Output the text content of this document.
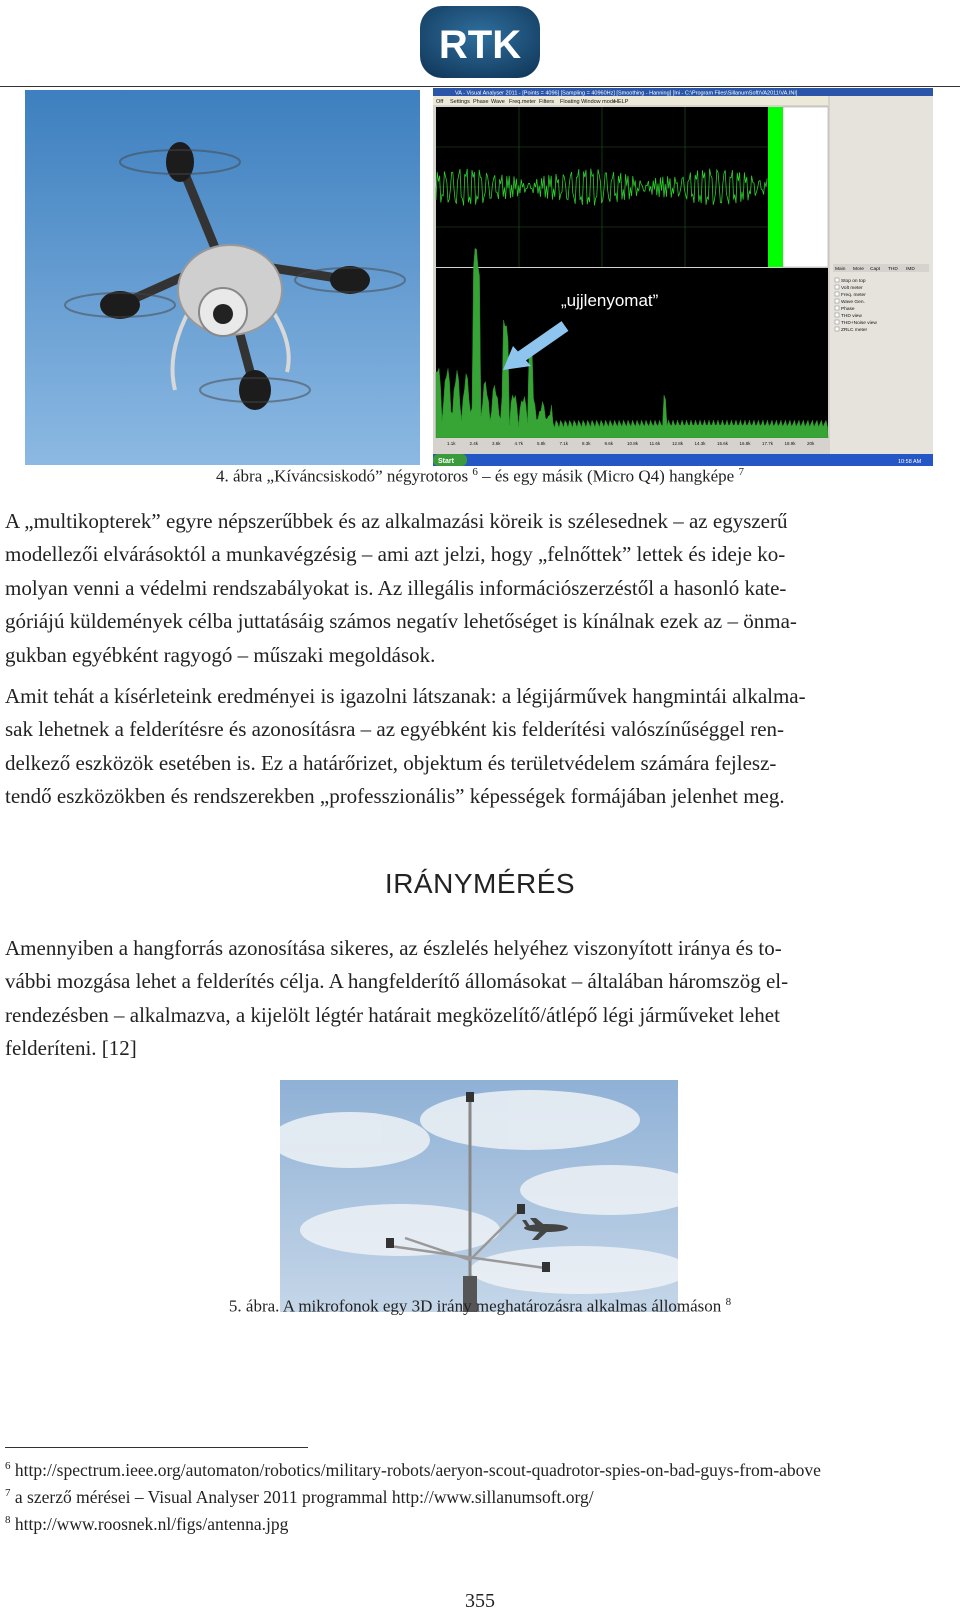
RTK
VA - Visual Analyser 2011 - [Points = 4096] [Sampling = 40960Hz] [Smoothing - Hanning] [Ini - C:\Program Files\SillanumSoft\VA2011\VA.INI]
Off Settings Phase Wave Freq.meter Filters Floating Window mode
HELP
„ujjlenyomat”
1.1k	2.4k	3.6k	4.7k	5.8k	7.1k	8.3k	9.6k	10.8k	11.6k	12.8k	14.3k	15.6k	16.8k	17.7k	18.9k	20k
Main More Capt THD IMD
Stop on top
Volt meter
Freq. meter
Wave Gen.
Phase
THD view
THD+Noise view
ZRLC meter
Start	10:58 AM
4. ábra „Kíváncsiskodó” négyrotoros $^6$ – és egy másik (Micro Q4) hangképe $^7$
A „multikopterek” egyre népszerűbbek és az alkalmazási köreik is szélesednek – az egyszerű
modellezői elvárásoktól a munkavégzésig – ami azt jelzi, hogy „felnőttek” lettek és ideje ko-
molyan venni a védelmi rendszabályokat is. Az illegális információszerzéstől a hasonló kate-
góriájú küldemények célba juttatásáig számos negatív lehetőséget is kínálnak ezek az – önma-
gukban egyébként ragyogó – műszaki megoldások.
Amit tehát a kísérleteink eredményei is igazolni látszanak: a légijárművek hangmintái alkalma-
sak lehetnek a felderítésre és azonosításra – az egyébként kis felderítési valószínűséggel ren-
delkező eszközök esetében is. Ez a határőrizet, objektum és területvédelem számára fejlesz-
tendő eszközökben és rendszerekben „professzionális” képességek formájában jelenhet meg.
IRÁNYMÉRÉS
Amennyiben a hangforrás azonosítása sikeres, az észlelés helyéhez viszonyított iránya és to-
vábbi mozgása lehet a felderítés célja. A hangfelderítő állomásokat – általában háromszög el-
rendezésben – alkalmazva, a kijelölt légtér határait megközelítő/átlépő légi járműveket lehet
felderíteni. [12]
5. ábra. A mikrofonok egy 3D irány meghatározásra alkalmas állomáson $^8$
$^6$ http://spectrum.ieee.org/automaton/robotics/military-robots/aeryon-scout-quadrotor-spies-on-bad-guys-from-above
$^7$ a szerző mérései – Visual Analyser 2011 programmal http://www.sillanumsoft.org/
$^8$ http://www.roosnek.nl/figs/antenna.jpg
355
